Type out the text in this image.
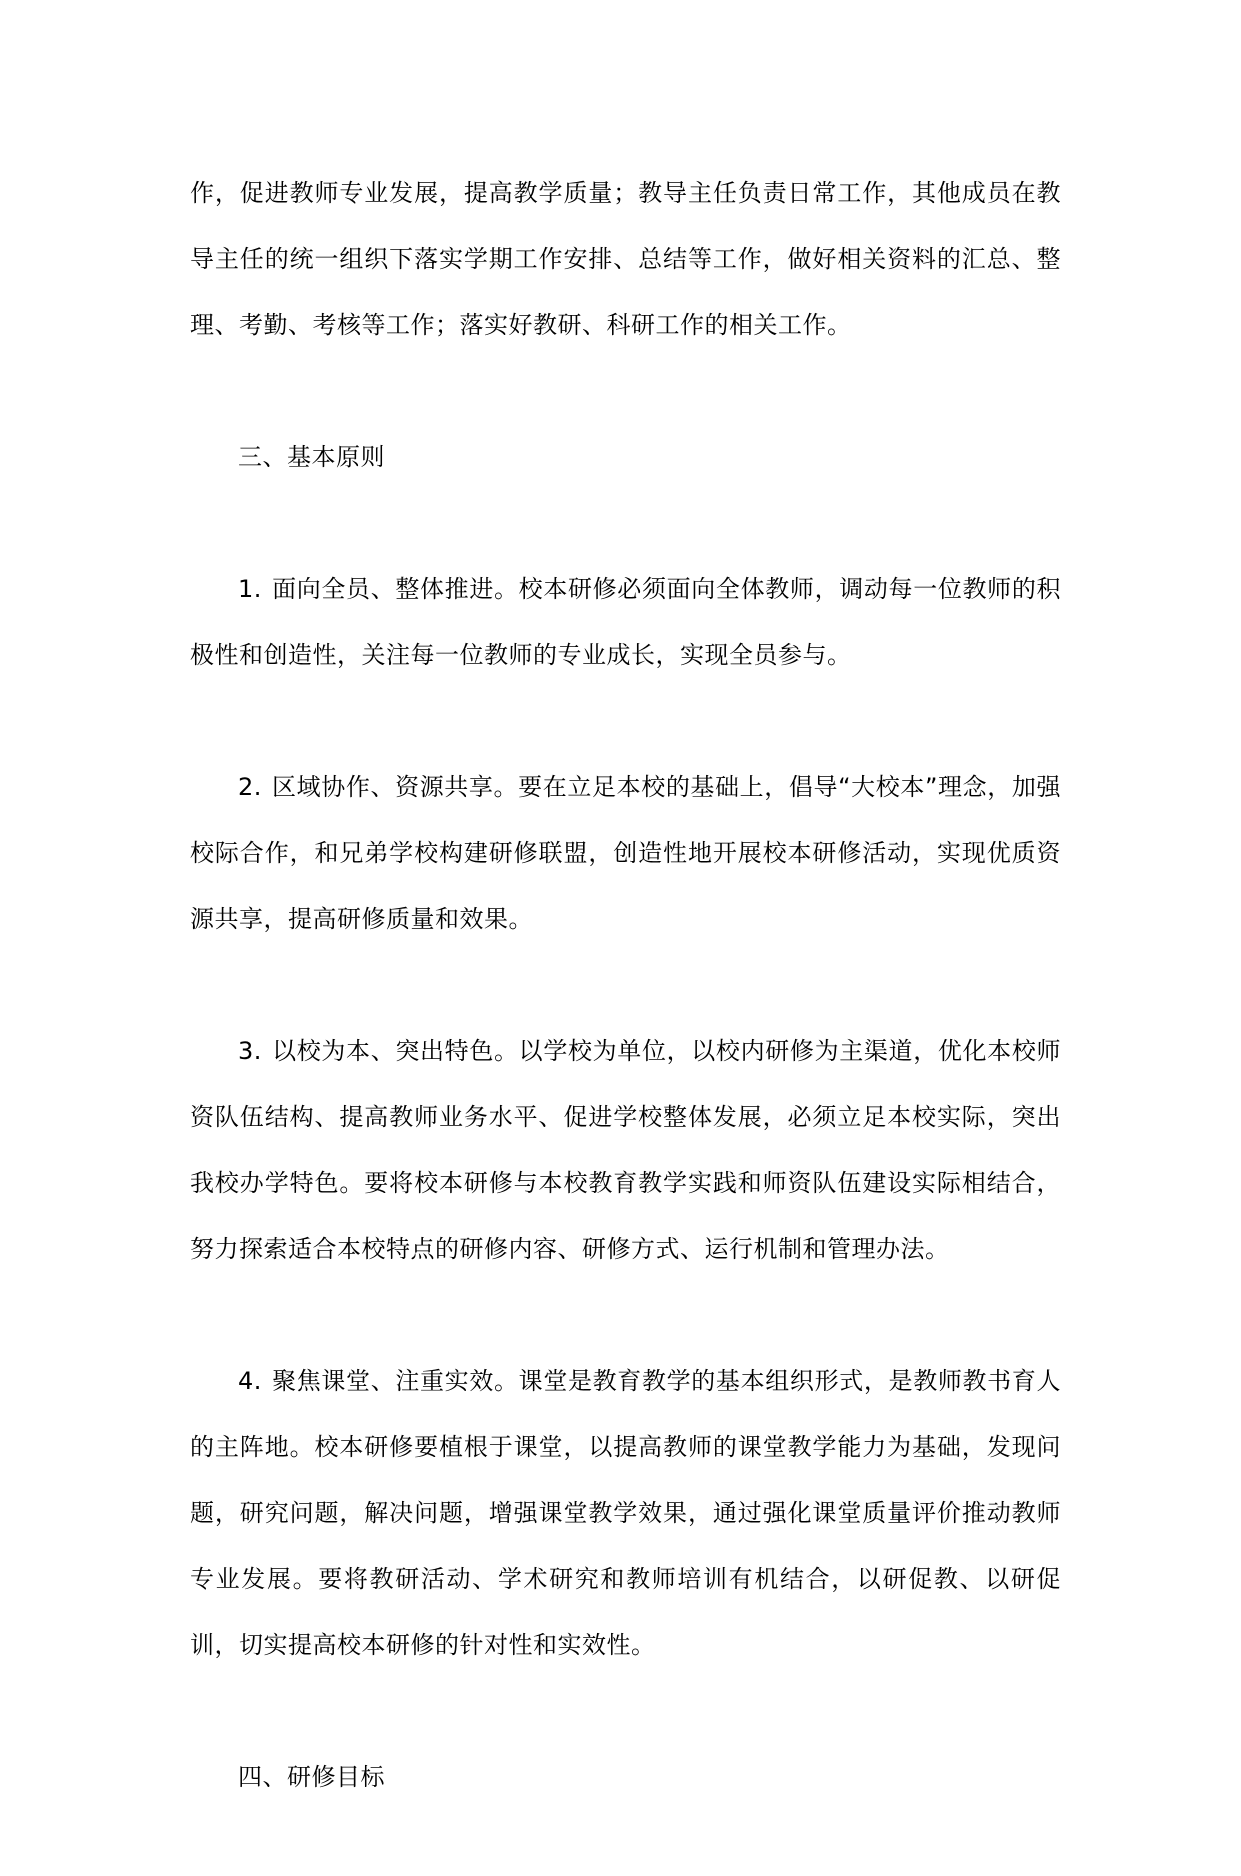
作，促进教师专业发展，提高教学质量；教导主任负责日常工作，其他成员在教导主任的统一组织下落实学期工作安排、总结等工作，做好相关资料的汇总、整理、考勤、考核等工作；落实好教研、科研工作的相关工作。

三、基本原则

1. 面向全员、整体推进。校本研修必须面向全体教师，调动每一位教师的积极性和创造性，关注每一位教师的专业成长，实现全员参与。

2. 区域协作、资源共享。要在立足本校的基础上，倡导“大校本”理念，加强校际合作，和兄弟学校构建研修联盟，创造性地开展校本研修活动，实现优质资源共享，提高研修质量和效果。

3. 以校为本、突出特色。以学校为单位，以校内研修为主渠道，优化本校师资队伍结构、提高教师业务水平、促进学校整体发展，必须立足本校实际，突出我校办学特色。要将校本研修与本校教育教学实践和师资队伍建设实际相结合，努力探索适合本校特点的研修内容、研修方式、运行机制和管理办法。

4. 聚焦课堂、注重实效。课堂是教育教学的基本组织形式，是教师教书育人的主阵地。校本研修要植根于课堂，以提高教师的课堂教学能力为基础，发现问题，研究问题，解决问题，增强课堂教学效果，通过强化课堂质量评价推动教师专业发展。要将教研活动、学术研究和教师培训有机结合，以研促教、以研促训，切实提高校本研修的针对性和实效性。

四、研修目标
